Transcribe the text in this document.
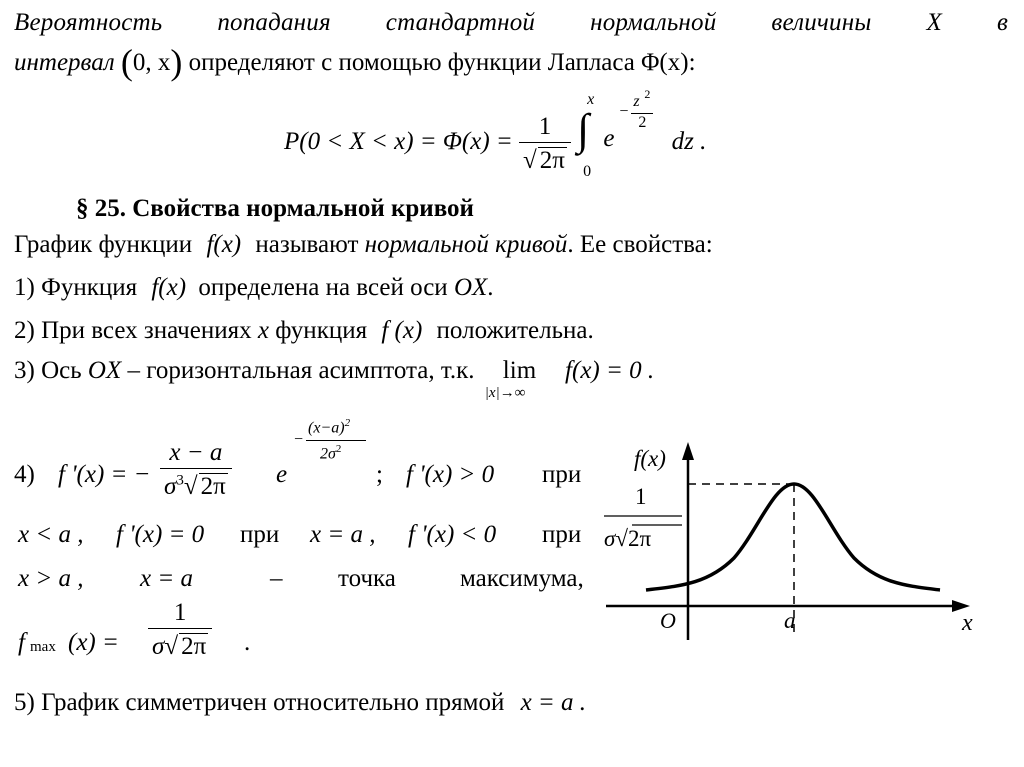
Вероятность попадания стандартной нормальной величины X в
интервал (0, x) определяют с помощью функции Лапласа Φ(x):
$P(0 < X < x) = \Phi(x) = \frac{1}{√ 2\pi}$

x
∫
0

e
−
z 2
2
dz .
§ 25. Свойства нормальной кривой
График функции f(x) называют нормальной кривой. Ее свойства:
1) Функция f(x) определена на всей оси OX.
2) При всех значениях x функция f (x) положительна.
3) Ось OX – горизонтальная асимптота, т.к. lim
|x|→∞
f(x) = 0 .
4) f '(x) = − $\frac{x - a}{\sigma^3√ 2\pi}$ e
−
$(x-a)^2$
$2\sigma^2$
; f '(x) > 0 при
x < a , f '(x) = 0 при x = a , f '(x) < 0 при
x > a , x = a	– точка	максимума,
f $\max (x) = \frac{1}{\sigma√ 2\pi}$ .
5) График симметричен относительно прямой x = a .
f(x)
1
σ√2π
O	a	x
